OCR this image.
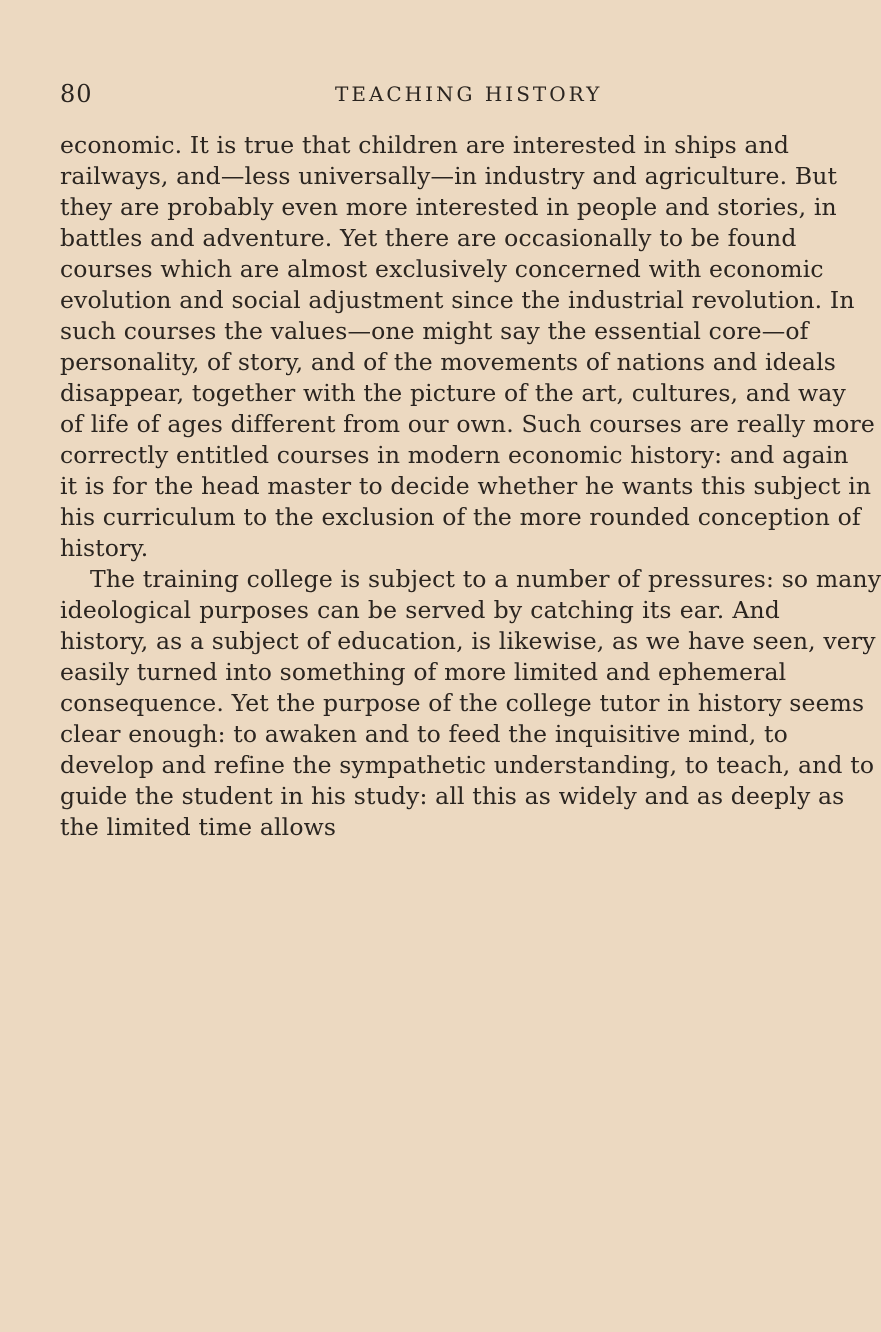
80	TEACHING HISTORY
economic. It is true that children are interested in ships and
railways, and—less universally—in industry and agriculture. But
they are probably even more interested in people and stories, in
battles and adventure. Yet there are occasionally to be found
courses which are almost exclusively concerned with economic
evolution and social adjustment since the industrial revolution. In
such courses the values—one might say the essential core—of
personality, of story, and of the movements of nations and ideals
disappear, together with the picture of the art, cultures, and way
of life of ages different from our own. Such courses are really more
correctly entitled courses in modern economic history: and again
it is for the head master to decide whether he wants this subject in
his curriculum to the exclusion of the more rounded conception of
history.
The training college is subject to a number of pressures: so many
ideological purposes can be served by catching its ear. And
history, as a subject of education, is likewise, as we have seen, very
easily turned into something of more limited and ephemeral
consequence. Yet the purpose of the college tutor in history seems
clear enough: to awaken and to feed the inquisitive mind, to
develop and refine the sympathetic understanding, to teach, and to
guide the student in his study: all this as widely and as deeply as
the limited time allows
